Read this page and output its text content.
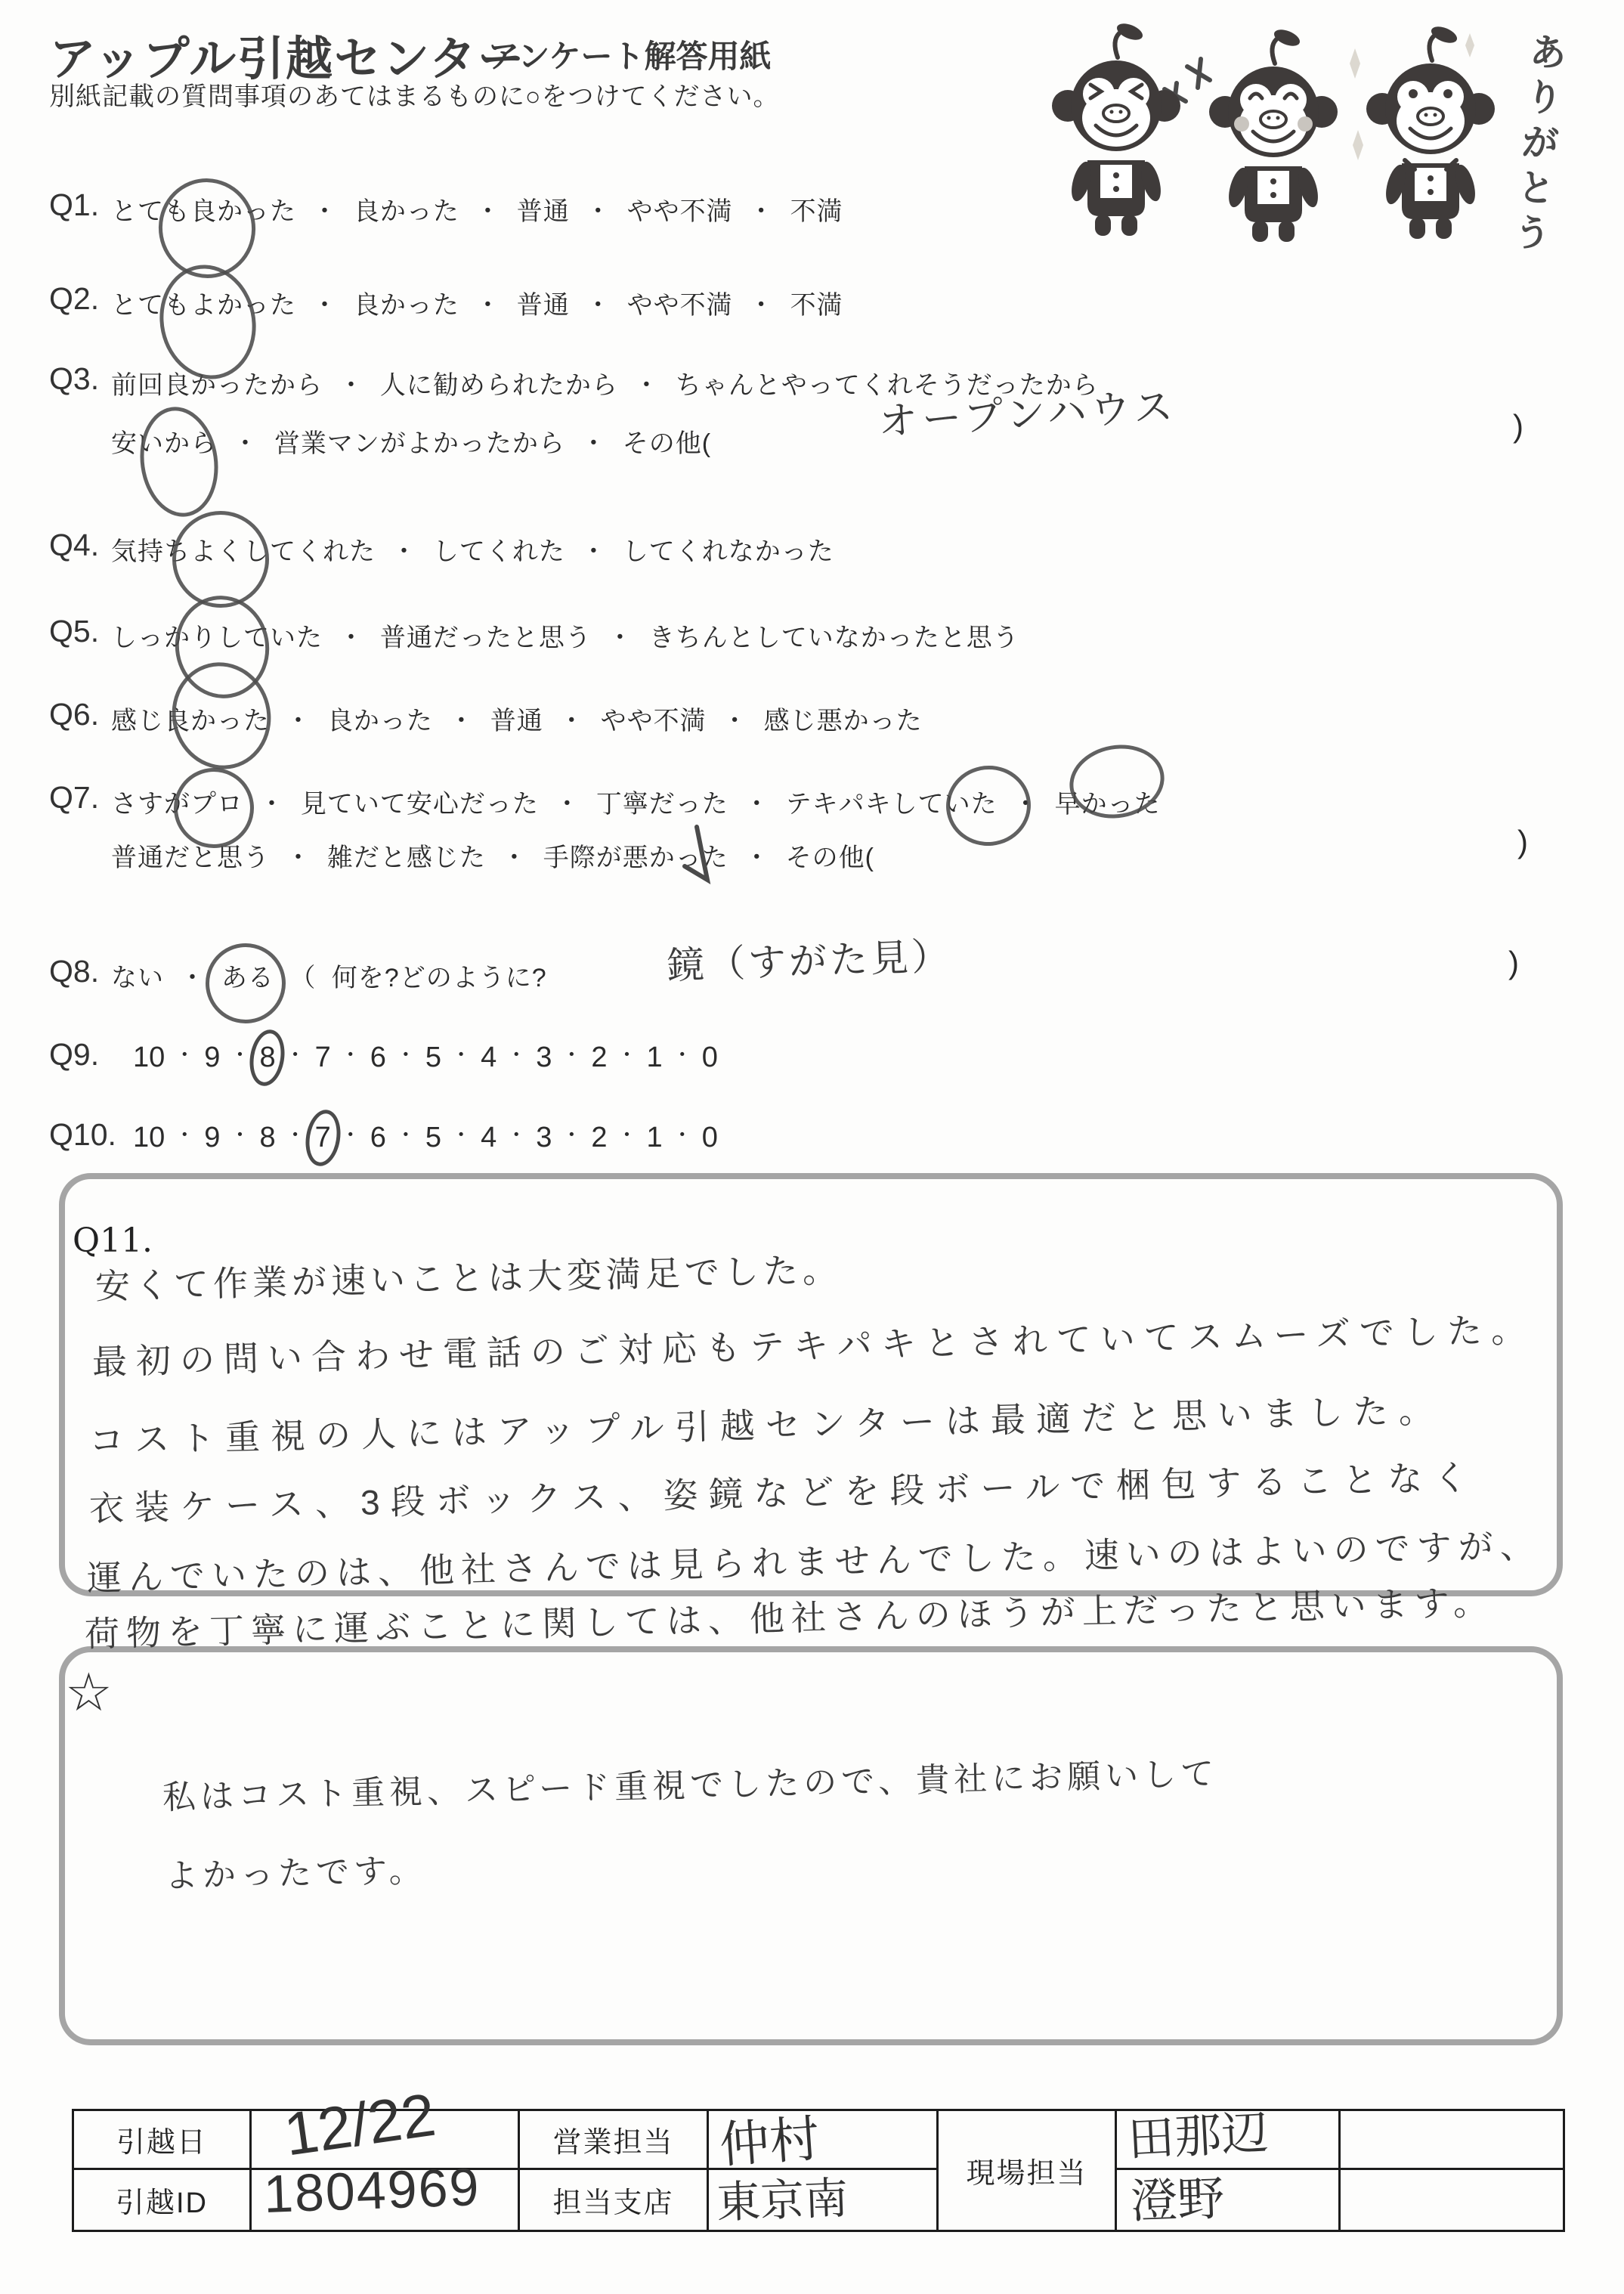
アップル引越センター
アンケート解答用紙
別紙記載の質問事項のあてはまるものに○をつけてください。	ありがとう
Q1. とても良かった ・ 良かった ・ 普通 ・ やや不満 ・ 不満
Q2. とてもよかった ・ 良かった ・ 普通 ・ やや不満 ・ 不満
Q3. 前回良かったから ・ 人に勧められたから ・ ちゃんとやってくれそうだったから
安いから ・ 営業マンがよかったから ・ その他(
Q4. 気持ちよくしてくれた ・ してくれた ・ してくれなかった
Q5. しっかりしていた ・ 普通だったと思う ・ きちんとしていなかったと思う
Q6. 感じ良かった ・ 良かった ・ 普通 ・ やや不満 ・ 感じ悪かった
Q7. さすがプロ ・ 見ていて安心だった ・ 丁寧だった ・ テキパキしていた ・ 早かった
普通だと思う ・ 雑だと感じた ・ 手際が悪かった ・ その他(
Q8. ない ・ ある （ 何を?どのように?
Q9. 10 ・ 9 ・ 8 ・ 7 ・ 6 ・ 5 ・ 4 ・ 3 ・ 2 ・ 1 ・ 0
Q10. 10 ・ 9 ・ 8 ・ 7 ・ 6 ・ 5 ・ 4 ・ 3 ・ 2 ・ 1 ・ 0
オープンハウス
鏡（すがた見）
)
)
)
Q11.
☆
安くて作業が速いことは大変満足でした。
最初の問い合わせ電話のご対応もテキパキとされていてスムーズでした。
コスト重視の人にはアップル引越センターは最適だと思いました。
衣装ケース、3段ボックス、姿鏡などを段ボールで梱包することなく
運んでいたのは、他社さんでは見られませんでした。速いのはよいのですが、
荷物を丁寧に運ぶことに関しては、他社さんのほうが上だったと思います。
私はコスト重視、スピード重視でしたので、貴社にお願いして
よかったです。
引越日	12/22	営業担当	仲村	現場担当	田那辺	

引越ID	1804969	担当支店	東京南		澄野	
